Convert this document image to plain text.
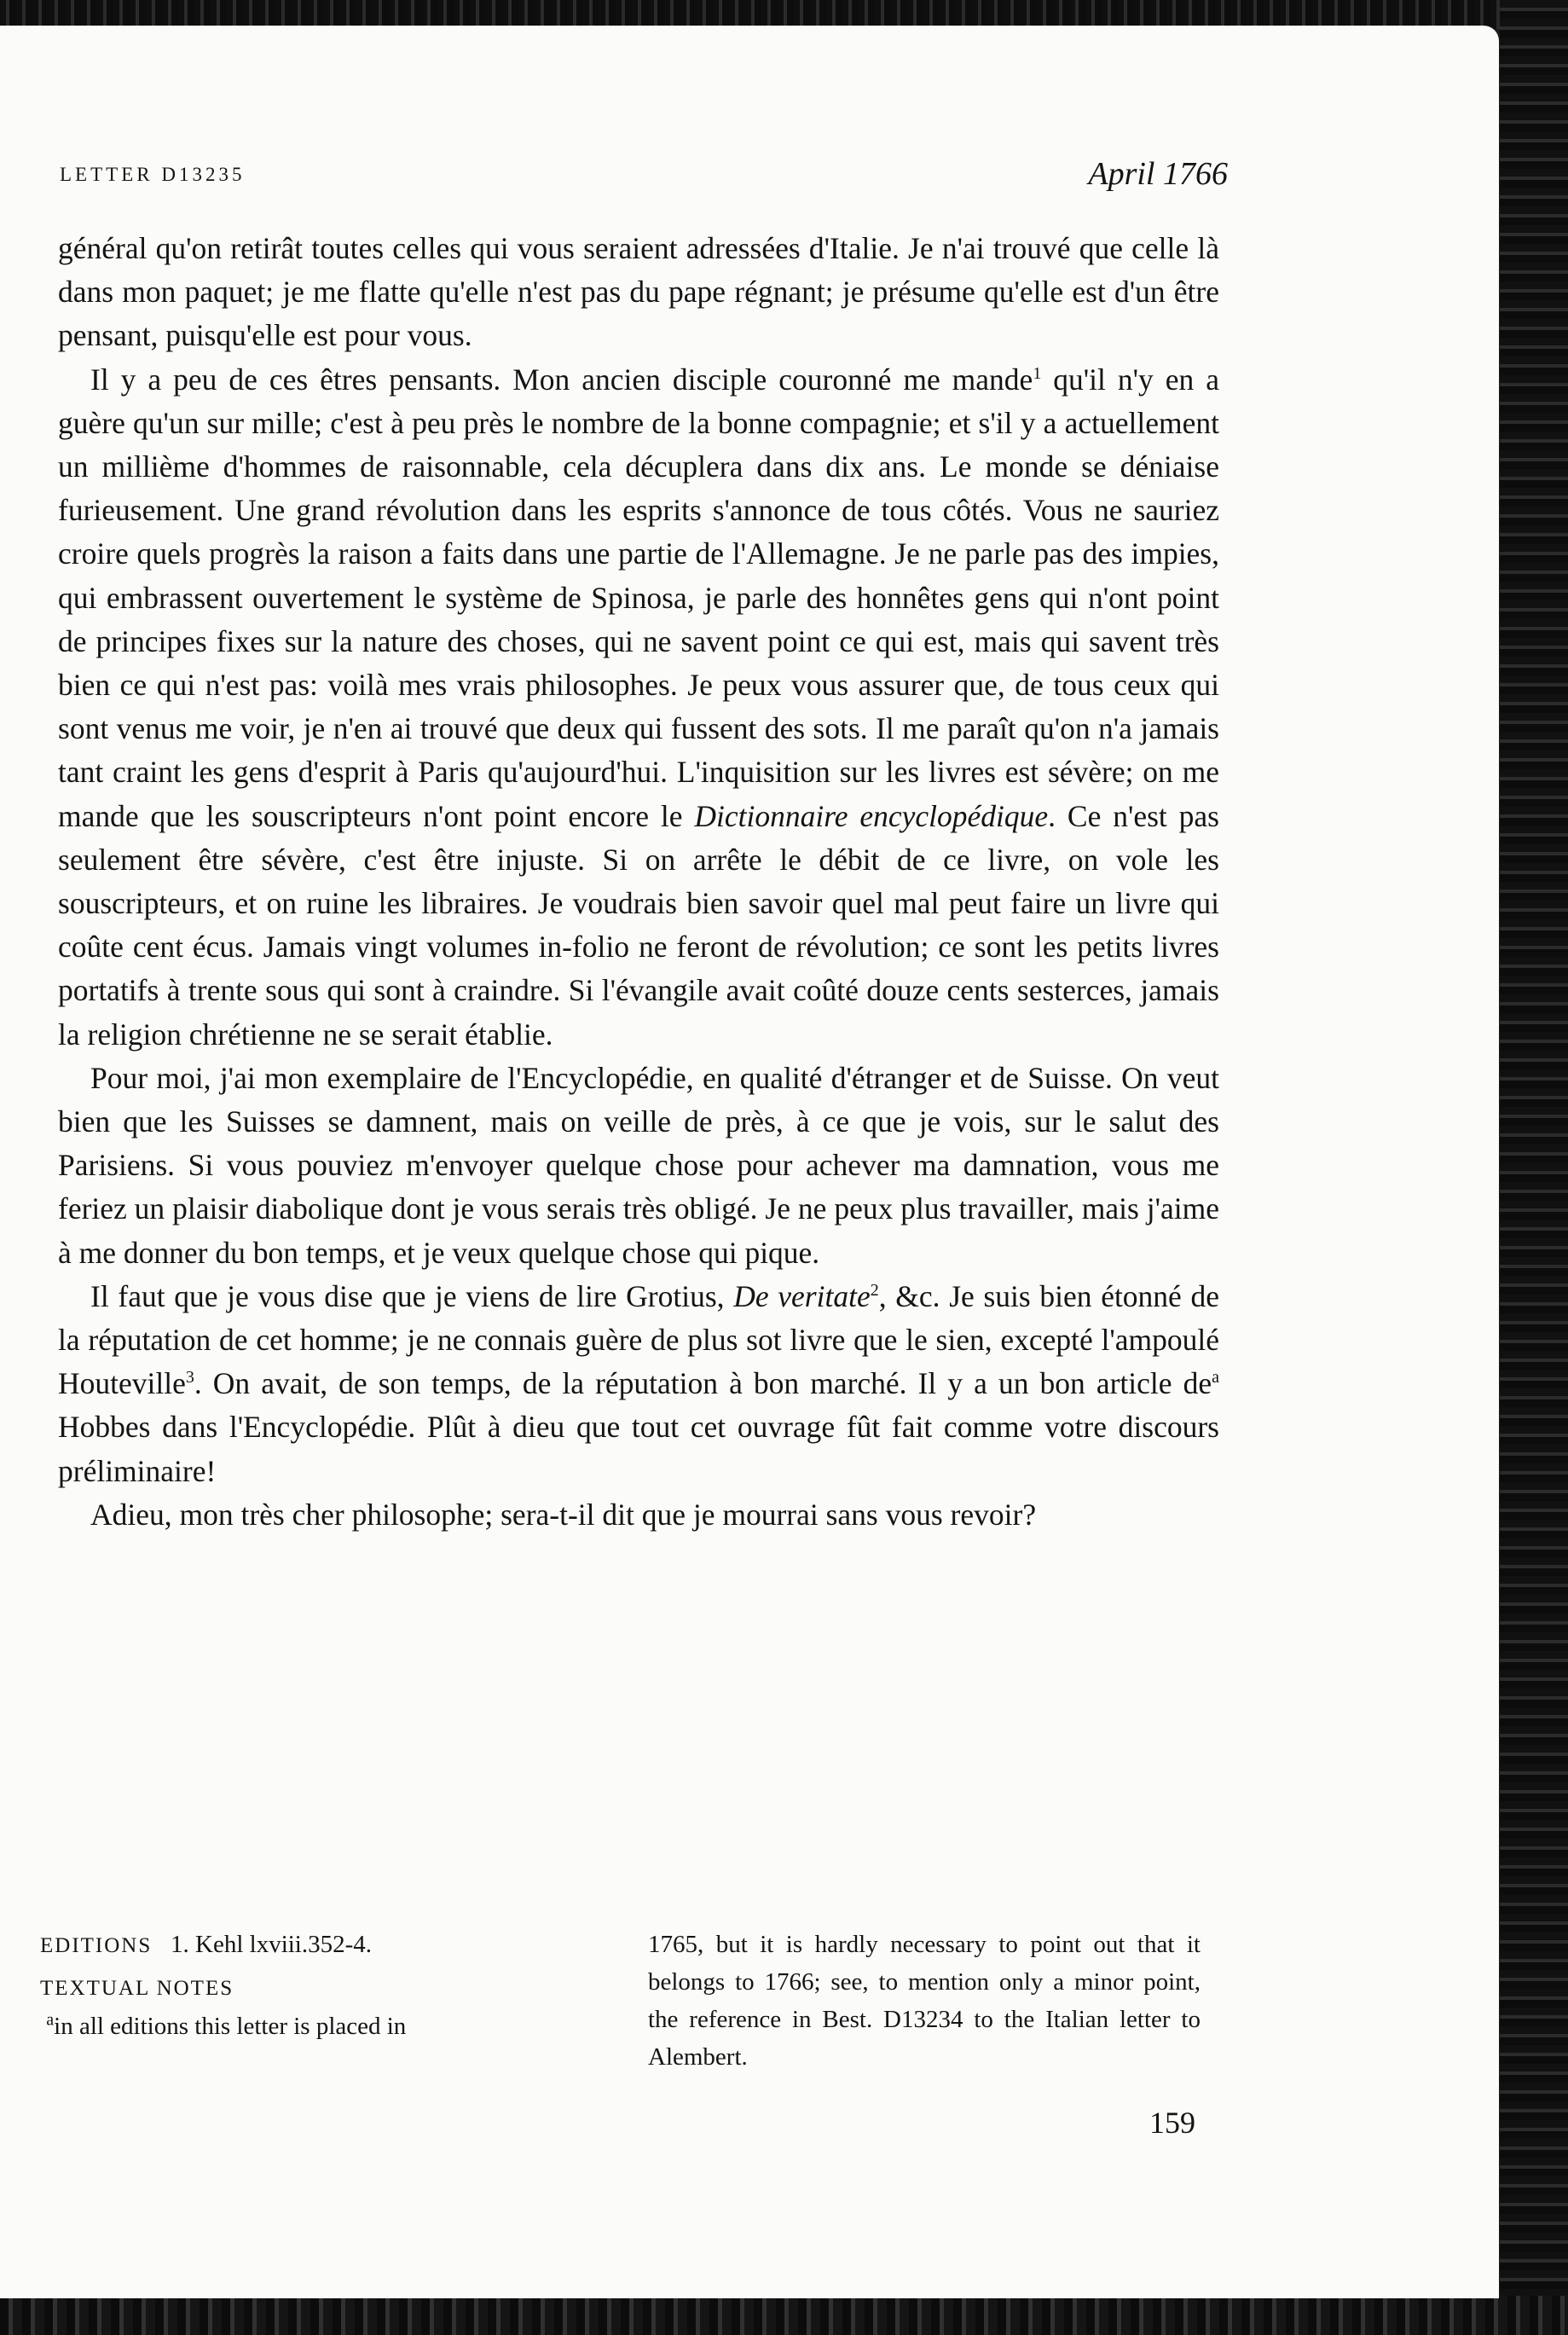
LETTER D13235	April 1766

général qu'on retirât toutes celles qui vous seraient adressées d'Italie. Je n'ai trouvé que celle là dans mon paquet; je me flatte qu'elle n'est pas du pape régnant; je présume qu'elle est d'un être pensant, puisqu'elle est pour vous.

Il y a peu de ces êtres pensants. Mon ancien disciple couronné me mande$^1$ qu'il n'y en a guère qu'un sur mille; c'est à peu près le nombre de la bonne compagnie; et s'il y a actuellement un millième d'hommes de raisonnable, cela décuplera dans dix ans. Le monde se déniaise furieusement. Une grand révolution dans les esprits s'annonce de tous côtés. Vous ne sauriez croire quels progrès la raison a faits dans une partie de l'Allemagne. Je ne parle pas des impies, qui embrassent ouvertement le système de Spinosa, je parle des honnêtes gens qui n'ont point de principes fixes sur la nature des choses, qui ne savent point ce qui est, mais qui savent très bien ce qui n'est pas: voilà mes vrais philosophes. Je peux vous assurer que, de tous ceux qui sont venus me voir, je n'en ai trouvé que deux qui fussent des sots. Il me paraît qu'on n'a jamais tant craint les gens d'esprit à Paris qu'aujourd'hui. L'inquisition sur les livres est sévère; on me mande que les souscripteurs n'ont point encore le Dictionnaire encyclopédique. Ce n'est pas seulement être sévère, c'est être injuste. Si on arrête le débit de ce livre, on vole les souscripteurs, et on ruine les libraires. Je voudrais bien savoir quel mal peut faire un livre qui coûte cent écus. Jamais vingt volumes in-folio ne feront de révolution; ce sont les petits livres portatifs à trente sous qui sont à craindre. Si l'évangile avait coûté douze cents sesterces, jamais la religion chrétienne ne se serait établie.

Pour moi, j'ai mon exemplaire de l'Encyclopédie, en qualité d'étranger et de Suisse. On veut bien que les Suisses se damnent, mais on veille de près, à ce que je vois, sur le salut des Parisiens. Si vous pouviez m'envoyer quelque chose pour achever ma damnation, vous me feriez un plaisir diabolique dont je vous serais très obligé. Je ne peux plus travailler, mais j'aime à me donner du bon temps, et je veux quelque chose qui pique.

Il faut que je vous dise que je viens de lire Grotius, De veritate$^2$, &c. Je suis bien étonné de la réputation de cet homme; je ne connais guère de plus sot livre que le sien, excepté l'ampoulé Houteville$^3$. On avait, de son temps, de la réputation à bon marché. Il y a un bon article $de^a$ Hobbes dans l'Encyclopédie. Plût à dieu que tout cet ouvrage fût fait comme votre discours préliminaire!

Adieu, mon très cher philosophe; sera-t-il dit que je mourrai sans vous revoir?

EDITIONS 1. Kehl lxviii.352-4.

TEXTUAL NOTES

$^a$in all editions this letter is placed in

1765, but it is hardly necessary to point out that it belongs to 1766; see, to mention only a minor point, the reference in Best. D13234 to the Italian letter to Alembert.

159
